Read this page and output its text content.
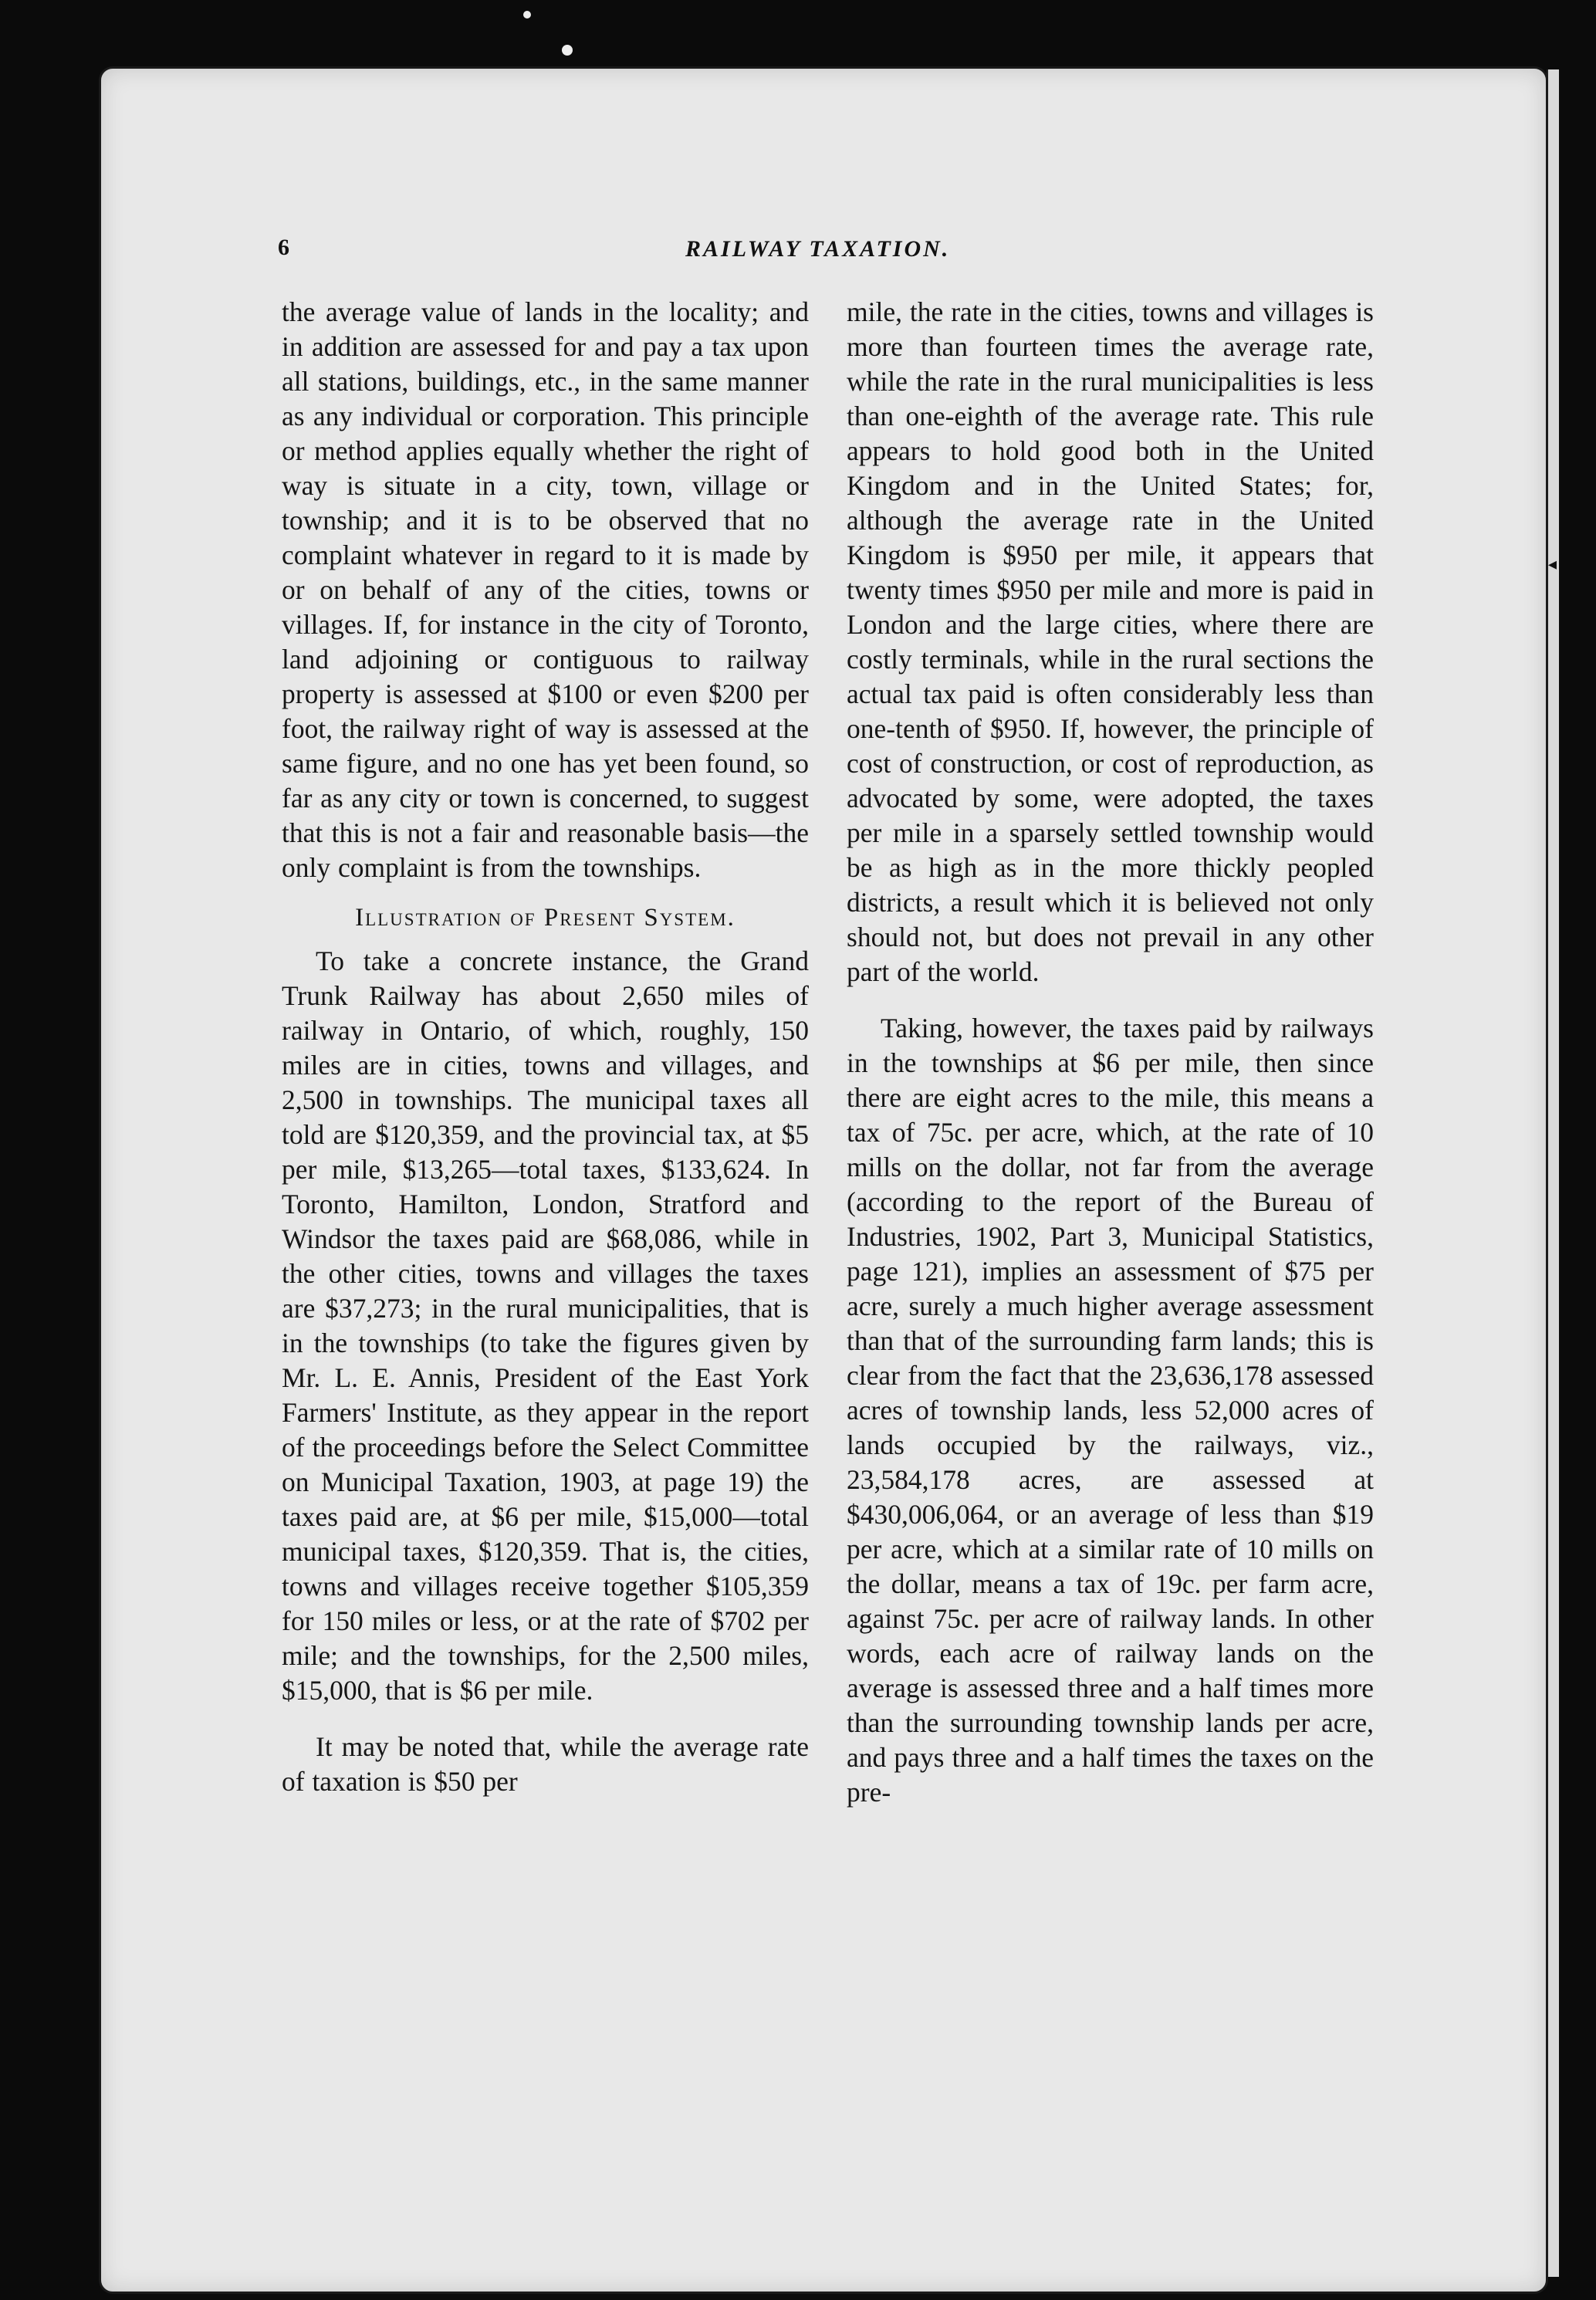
◂
6	RAILWAY TAXATION.

the average value of lands in the locality; and in addition are assessed for and pay a tax upon all stations, buildings, etc., in the same manner as any individual or corporation. This principle or method applies equally whether the right of way is situate in a city, town, village or township; and it is to be observed that no complaint whatever in regard to it is made by or on behalf of any of the cities, towns or villages. If, for instance in the city of Toronto, land adjoining or contiguous to railway property is assessed at $100 or even $200 per foot, the railway right of way is assessed at the same figure, and no one has yet been found, so far as any city or town is concerned, to suggest that this is not a fair and reasonable basis—the only complaint is from the townships.

Illustration of Present System.

To take a concrete instance, the Grand Trunk Railway has about 2,650 miles of railway in Ontario, of which, roughly, 150 miles are in cities, towns and villages, and 2,500 in townships. The municipal taxes all told are $120,359, and the provincial tax, at $5 per mile, $13,265—total taxes, $133,624. In Toronto, Hamilton, London, Stratford and Windsor the taxes paid are $68,086, while in the other cities, towns and villages the taxes are $37,273; in the rural municipalities, that is in the townships (to take the figures given by Mr. L. E. Annis, President of the East York Farmers' Institute, as they appear in the report of the proceedings before the Select Committee on Municipal Taxation, 1903, at page 19) the taxes paid are, at $6 per mile, $15,000—total municipal taxes, $120,359. That is, the cities, towns and villages receive together $105,359 for 150 miles or less, or at the rate of $702 per mile; and the townships, for the 2,500 miles, $15,000, that is $6 per mile.

It may be noted that, while the average rate of taxation is $50 per

mile, the rate in the cities, towns and villages is more than fourteen times the average rate, while the rate in the rural municipalities is less than one-eighth of the average rate. This rule appears to hold good both in the United Kingdom and in the United States; for, although the average rate in the United Kingdom is $950 per mile, it appears that twenty times $950 per mile and more is paid in London and the large cities, where there are costly terminals, while in the rural sections the actual tax paid is often considerably less than one-tenth of $950. If, however, the principle of cost of construction, or cost of reproduction, as advocated by some, were adopted, the taxes per mile in a sparsely settled township would be as high as in the more thickly peopled districts, a result which it is believed not only should not, but does not prevail in any other part of the world.

Taking, however, the taxes paid by railways in the townships at $6 per mile, then since there are eight acres to the mile, this means a tax of 75c. per acre, which, at the rate of 10 mills on the dollar, not far from the average (according to the report of the Bureau of Industries, 1902, Part 3, Municipal Statistics, page 121), implies an assessment of $75 per acre, surely a much higher average assessment than that of the surrounding farm lands; this is clear from the fact that the 23,636,178 assessed acres of township lands, less 52,000 acres of lands occupied by the railways, viz., 23,584,178 acres, are assessed at $430,006,064, or an average of less than $19 per acre, which at a similar rate of 10 mills on the dollar, means a tax of 19c. per farm acre, against 75c. per acre of railway lands. In other words, each acre of railway lands on the average is assessed three and a half times more than the surrounding township lands per acre, and pays three and a half times the taxes on the pre-
